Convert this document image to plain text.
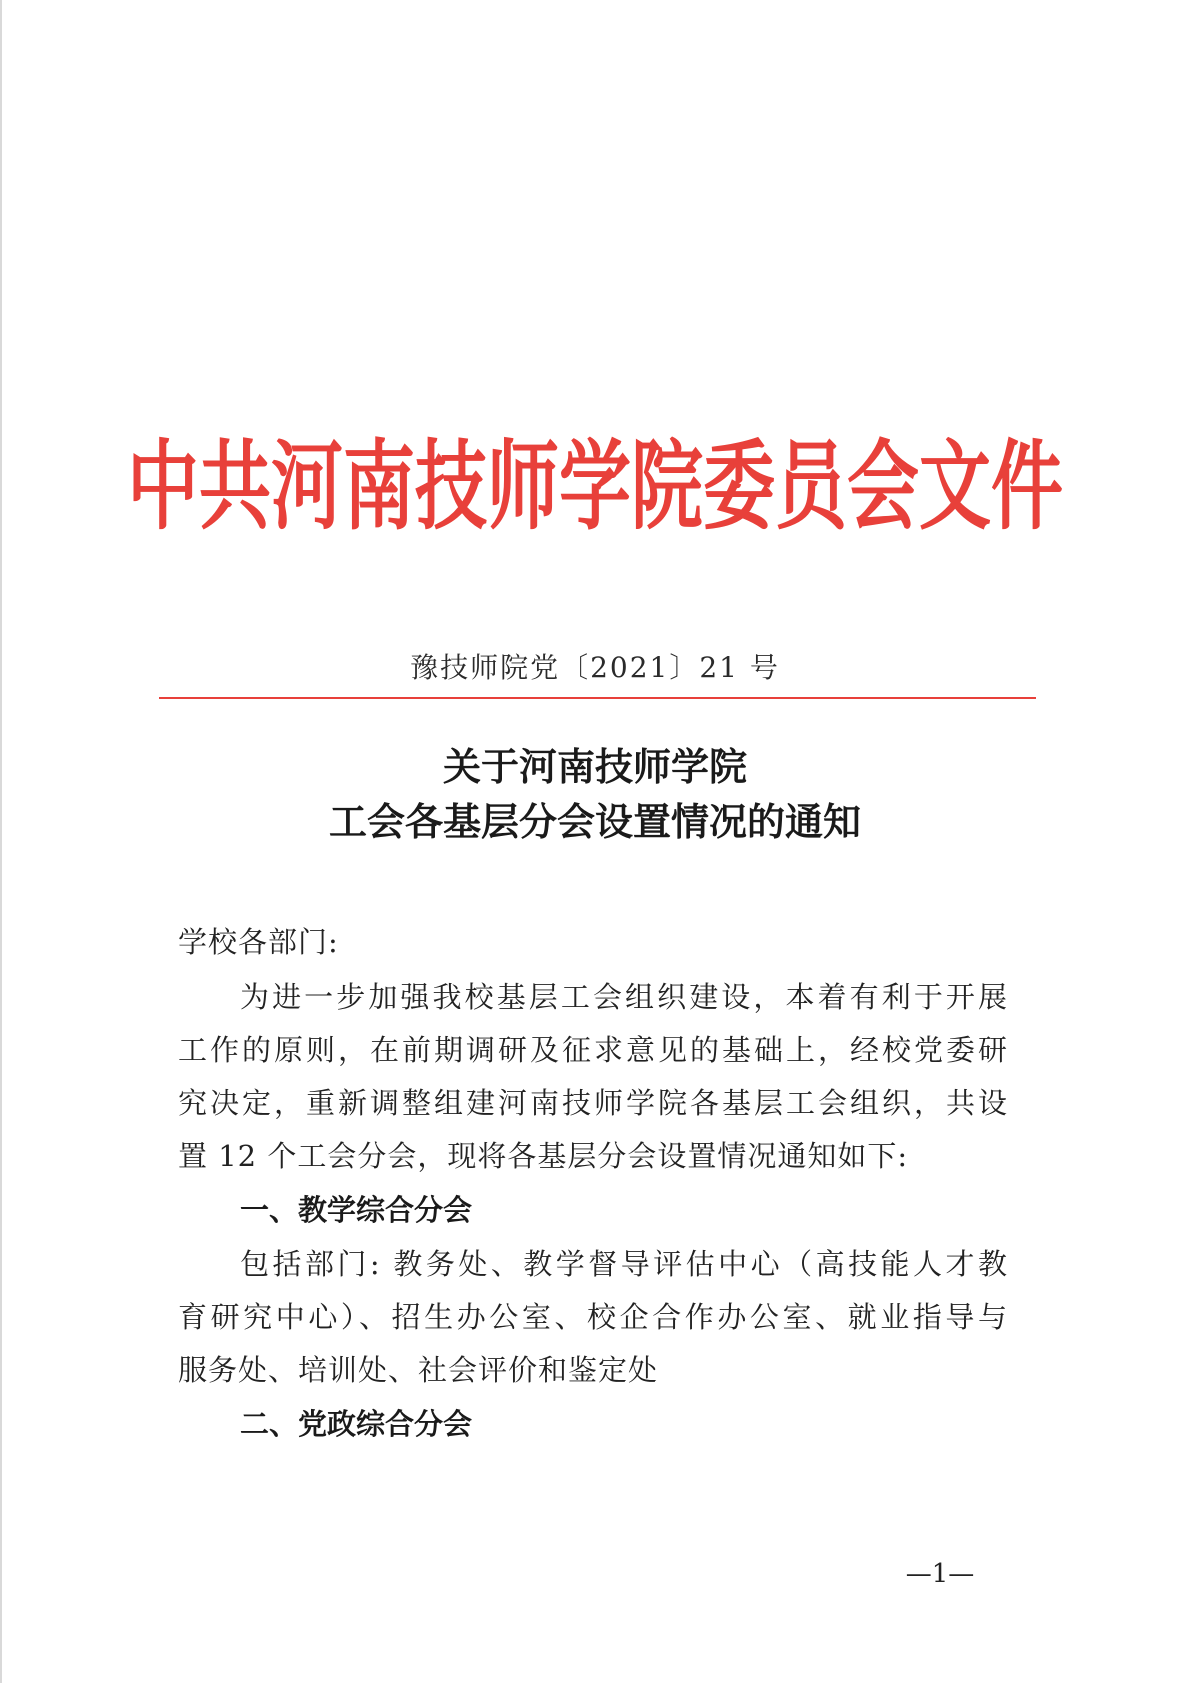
中共河南技师学院委员会文件
豫技师院党〔2021〕21 号
关于河南技师学院
工会各基层分会设置情况的通知
学校各部门:
为进一步加强我校基层工会组织建设，本着有利于开展
工作的原则，在前期调研及征求意见的基础上，经校党委研
究决定，重新调整组建河南技师学院各基层工会组织，共设
置 12 个工会分会，现将各基层分会设置情况通知如下:
一、教学综合分会
包括部门: 教务处、教学督导评估中心（高技能人才教
育研究中心）、招生办公室、校企合作办公室、就业指导与
服务处、培训处、社会评价和鉴定处
二、党政综合分会
—1—
